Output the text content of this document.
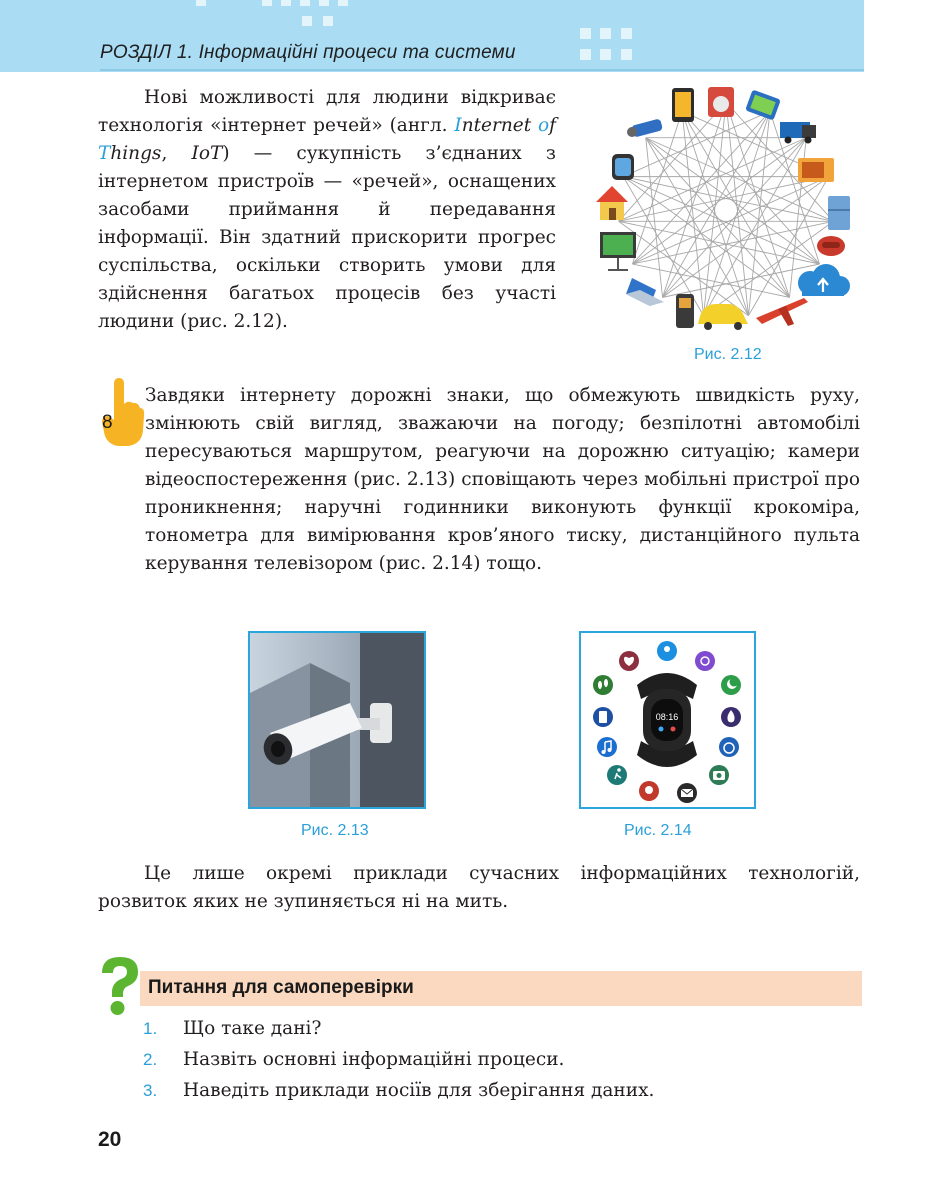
РОЗДІЛ 1. Інформаційні процеси та системи
Нові можливості для людини відкриває технологія «інтернет речей» (англ. Internet of Things, IoT) — сукупність з’єднаних з інтернетом пристроїв — «речей», оснащених засобами приймання й передавання інформації. Він здатний прискорити прогрес суспільства, оскільки створить умови для здійснення багатьох процесів без участі людини (рис. 2.12).
Рис. 2.12
8
Завдяки інтернету дорожні знаки, що обмежують швидкість руху, змінюють свій вигляд, зважаючи на погоду; безпілотні автомобілі пересуваються маршрутом, реагуючи на дорожню ситуацію; камери відеоспостереження (рис. 2.13) сповіщають через мобільні пристрої про проникнення; наручні годинники виконують функції крокоміра, тонометра для вимірювання кров’яного тиску, дистанційного пульта керування телевізором (рис. 2.14) тощо.
Рис. 2.13
08:16
Рис. 2.14
Це лише окремі приклади сучасних інформаційних технологій, розвиток яких не зупиняється ні на мить.
Питання для самоперевірки
1.	Що таке дані?
2.	Назвіть основні інформаційні процеси.
3.	Наведіть приклади носіїв для зберігання даних.
20
